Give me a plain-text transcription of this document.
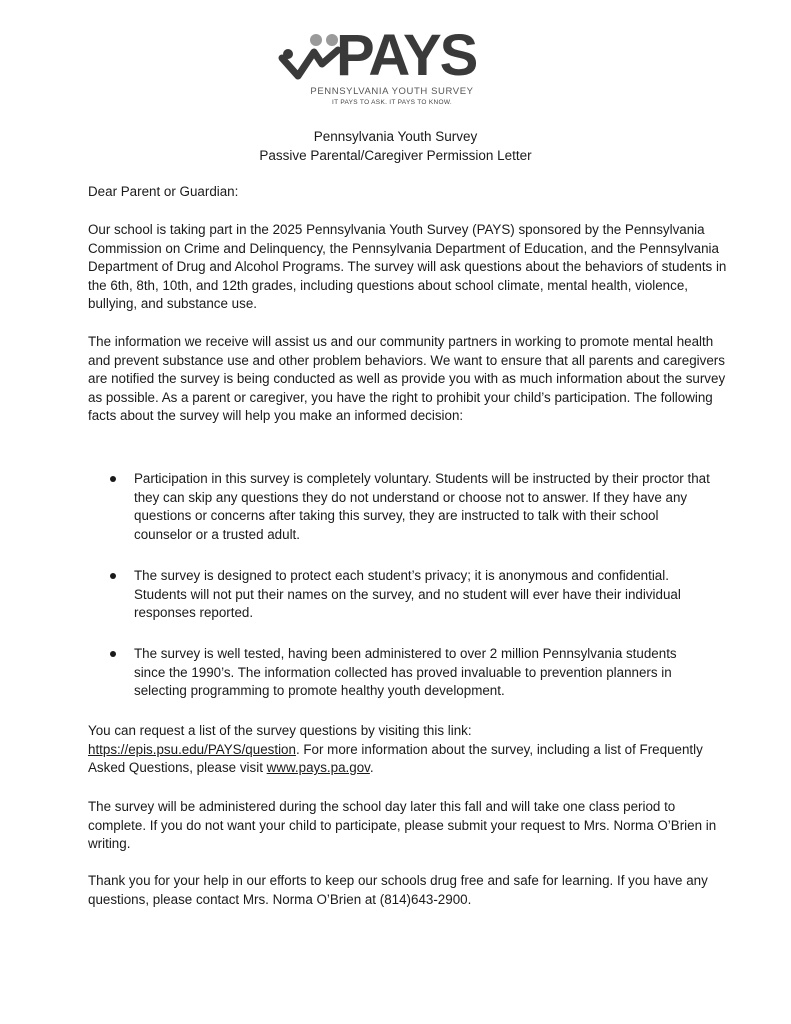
PAYS
PENNSYLVANIA YOUTH SURVEY
IT PAYS TO ASK. IT PAYS TO KNOW.
Pennsylvania Youth Survey
Passive Parental/Caregiver Permission Letter
Dear Parent or Guardian:
Our school is taking part in the 2025 Pennsylvania Youth Survey (PAYS) sponsored by the Pennsylvania Commission on Crime and Delinquency, the Pennsylvania Department of Education, and the Pennsylvania Department of Drug and Alcohol Programs. The survey will ask questions about the behaviors of students in the 6th, 8th, 10th, and 12th grades, including questions about school climate, mental health, violence, bullying, and substance use.
The information we receive will assist us and our community partners in working to promote mental health and prevent substance use and other problem behaviors. We want to ensure that all parents and caregivers are notified the survey is being conducted as well as provide you with as much information about the survey as possible. As a parent or caregiver, you have the right to prohibit your child’s participation. The following facts about the survey will help you make an informed decision:
Participation in this survey is completely voluntary. Students will be instructed by their proctor that they can skip any questions they do not understand or choose not to answer. If they have any questions or concerns after taking this survey, they are instructed to talk with their school counselor or a trusted adult.
The survey is designed to protect each student’s privacy; it is anonymous and confidential. Students will not put their names on the survey, and no student will ever have their individual responses reported.
The survey is well tested, having been administered to over 2 million Pennsylvania students since the 1990’s. The information collected has proved invaluable to prevention planners in selecting programming to promote healthy youth development.
You can request a list of the survey questions by visiting this link:
https://epis.psu.edu/PAYS/question. For more information about the survey, including a list of Frequently Asked Questions, please visit www.pays.pa.gov.
The survey will be administered during the school day later this fall and will take one class period to complete. If you do not want your child to participate, please submit your request to Mrs. Norma O’Brien in writing.
Thank you for your help in our efforts to keep our schools drug free and safe for learning. If you have any questions, please contact Mrs. Norma O’Brien at (814)643-2900.
